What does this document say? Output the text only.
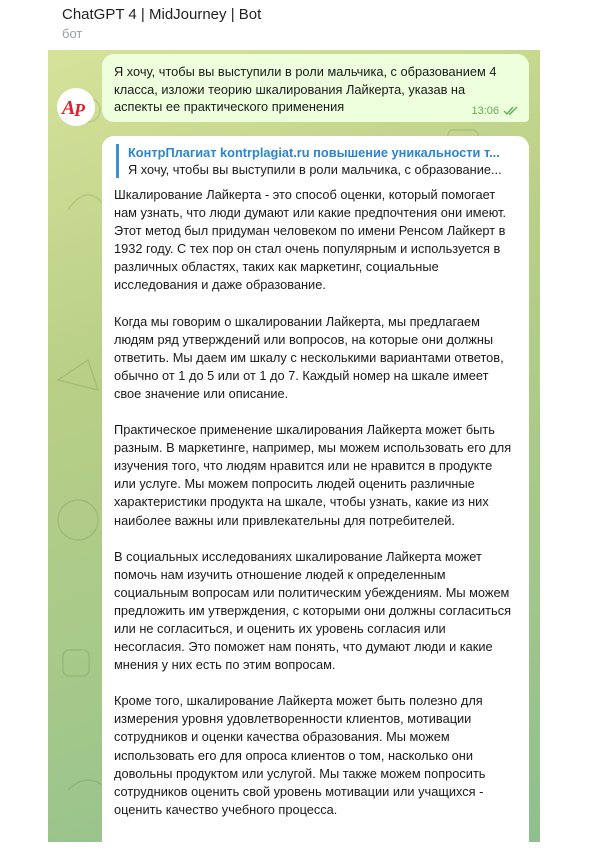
ChatGPT 4 | MidJourney | Bot
бот
A
P
Я хочу, чтобы вы выступили в роли мальчика, с образованием 4 класса, изложи теорию шкалирования Лайкерта, указав на аспекты ее практического применения	13:06
КонтрПлагиат kontrplagiat.ru повышение уникальности т...
Я хочу, чтобы вы выступили в роли мальчика, с образование...

Шкалирование Лайкерта - это способ оценки, который помогает нам узнать, что люди думают или какие предпочтения они имеют. Этот метод был придуман человеком по имени Ренсом Лайкерт в 1932 году. С тех пор он стал очень популярным и используется в различных областях, таких как маркетинг, социальные исследования и даже образование.

Когда мы говорим о шкалировании Лайкерта, мы предлагаем людям ряд утверждений или вопросов, на которые они должны ответить. Мы даем им шкалу с несколькими вариантами ответов, обычно от 1 до 5 или от 1 до 7. Каждый номер на шкале имеет свое значение или описание.

Практическое применение шкалирования Лайкерта может быть разным. В маркетинге, например, мы можем использовать его для изучения того, что людям нравится или не нравится в продукте или услуге. Мы можем попросить людей оценить различные характеристики продукта на шкале, чтобы узнать, какие из них наиболее важны или привлекательны для потребителей.

В социальных исследованиях шкалирование Лайкерта может помочь нам изучить отношение людей к определенным социальным вопросам или политическим убеждениям. Мы можем предложить им утверждения, с которыми они должны согласиться или не согласиться, и оценить их уровень согласия или несогласия. Это поможет нам понять, что думают люди и какие мнения у них есть по этим вопросам.

Кроме того, шкалирование Лайкерта может быть полезно для измерения уровня удовлетворенности клиентов, мотивации сотрудников и оценки качества образования. Мы можем использовать его для опроса клиентов о том, насколько они довольны продуктом или услугой. Мы также можем попросить сотрудников оценить свой уровень мотивации или учащихся - оценить качество учебного процесса.
